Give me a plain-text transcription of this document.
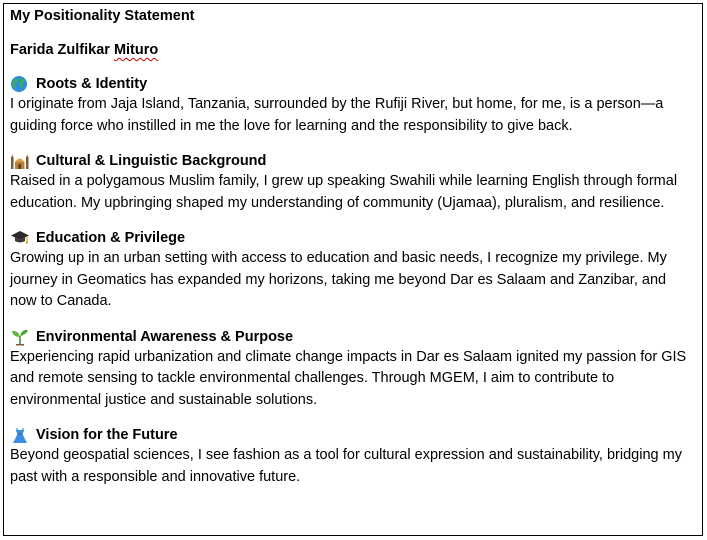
My Positionality Statement
Farida Zulfikar Mituro
Roots & Identity
I originate from Jaja Island, Tanzania, surrounded by the Rufiji River, but home, for me, is a person—a guiding force who instilled in me the love for learning and the responsibility to give back.
Cultural & Linguistic Background
Raised in a polygamous Muslim family, I grew up speaking Swahili while learning English through formal education. My upbringing shaped my understanding of community (Ujamaa), pluralism, and resilience.
Education & Privilege
Growing up in an urban setting with access to education and basic needs, I recognize my privilege. My journey in Geomatics has expanded my horizons, taking me beyond Dar es Salaam and Zanzibar, and now to Canada.
Environmental Awareness & Purpose
Experiencing rapid urbanization and climate change impacts in Dar es Salaam ignited my passion for GIS and remote sensing to tackle environmental challenges. Through MGEM, I aim to contribute to environmental justice and sustainable solutions.
Vision for the Future
Beyond geospatial sciences, I see fashion as a tool for cultural expression and sustainability, bridging my past with a responsible and innovative future.
